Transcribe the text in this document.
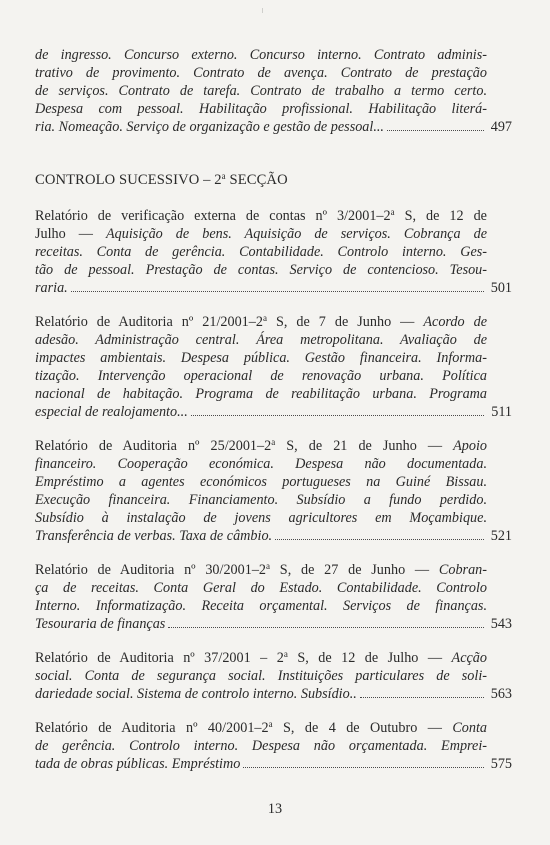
de ingresso. Concurso externo. Concurso interno. Contrato adminis-
trativo de provimento. Contrato de avença. Contrato de prestação
de serviços. Contrato de tarefa. Contrato de trabalho a termo certo.
Despesa com pessoal. Habilitação profissional. Habilitação literá-
ria. Nomeação. Serviço de organização e gestão de pessoal...	497
CONTROLO SUCESSIVO – 2$^a$ SECÇÃO
Relatório de verificação externa de contas nº 3/2001–2$^a$ S, de 12 de
Julho — Aquisição de bens. Aquisição de serviços. Cobrança de
receitas. Conta de gerência. Contabilidade. Controlo interno. Ges-
tão de pessoal. Prestação de contas. Serviço de contencioso. Tesou-
raria.	501
Relatório de Auditoria nº 21/2001–2$^a$ S, de 7 de Junho — Acordo de
adesão. Administração central. Área metropolitana. Avaliação de
impactes ambientais. Despesa pública. Gestão financeira. Informa-
tização. Intervenção operacional de renovação urbana. Política
nacional de habitação. Programa de reabilitação urbana. Programa
especial de realojamento...	511
Relatório de Auditoria nº 25/2001–2$^a$ S, de 21 de Junho — Apoio
financeiro. Cooperação económica. Despesa não documentada.
Empréstimo a agentes económicos portugueses na Guiné Bissau.
Execução financeira. Financiamento. Subsídio a fundo perdido.
Subsídio à instalação de jovens agricultores em Moçambique.
Transferência de verbas. Taxa de câmbio.	521
Relatório de Auditoria nº 30/2001–2$^a$ S, de 27 de Junho — Cobran-
ça de receitas. Conta Geral do Estado. Contabilidade. Controlo
Interno. Informatização. Receita orçamental. Serviços de finanças.
Tesouraria de finanças	543
Relatório de Auditoria nº 37/2001 – 2$^a$ S, de 12 de Julho — Acção
social. Conta de segurança social. Instituições particulares de soli-
dariedade social. Sistema de controlo interno. Subsídio..	563
Relatório de Auditoria nº 40/2001–2$^a$ S, de 4 de Outubro — Conta
de gerência. Controlo interno. Despesa não orçamentada. Emprei-
tada de obras públicas. Empréstimo	575
13
